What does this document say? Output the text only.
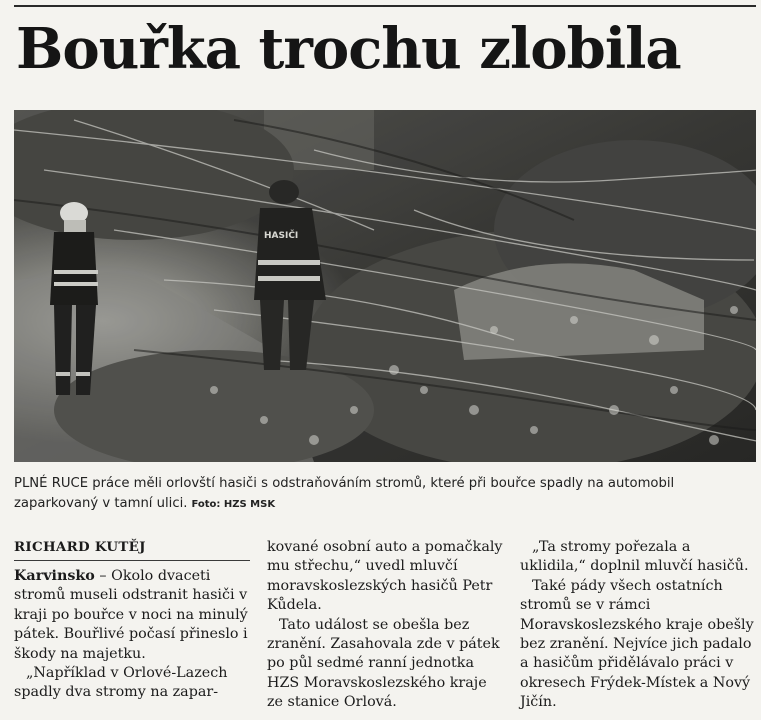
Bouřka trochu zlobila
HASIČI

PLNÉ RUCE práce měli orlovští hasiči s odstraňováním stromů, které při bouřce spadly na automobil zaparkovaný v tamní ulici. Foto: HZS MSK

RICHARD KUTĚJ

Karvinsko – Okolo dvaceti stromů museli odstranit hasiči v kraji po bouřce v noci na minulý pátek. Bouřlivé počasí přineslo i škody na majetku.

„Například v Orlové-Lazech spadly dva stromy na zapar-

kované osobní auto a pomačkaly mu střechu,“ uvedl mluvčí moravskoslezských hasičů Petr Kůdela.

Tato událost se obešla bez zranění. Zasahovala zde v pátek po půl sedmé ranní jednotka HZS Moravskoslezského kraje ze stanice Orlová.

„Ta stromy pořezala a uklidila,“ doplnil mluvčí hasičů.

Také pády všech ostatních stromů se v rámci Moravskoslezského kraje obešly bez zranění. Nejvíce jich padalo a hasičům přidělávalo práci v okresech Frýdek-Místek a Nový Jičín.
